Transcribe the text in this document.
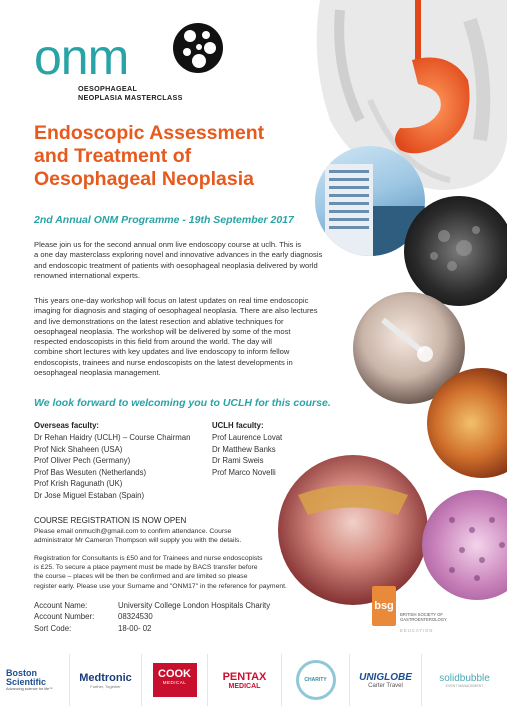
onm
OESOPHAGEAL
NEOPLASIA MASTERCLASS
Endoscopic Assessment
and Treatment of
Oesophageal Neoplasia
2nd Annual ONM Programme - 19th September 2017
Please join us for the second annual onm live endoscopy course at uclh. This is
a one day masterclass exploring novel and innovative advances in the early diagnosis
and endoscopic treatment of patients with oesophageal neoplasia delivered by world
renowned international experts.
This years one-day workshop will focus on latest updates on real time endoscopic
imaging for diagnosis and staging of oesophageal neoplasia. There are also lectures
and live demonstrations on the latest resection and ablative techniques for
oesophageal neoplasia. The workshop will be delivered by some of the most
respected endoscopists in this field from around the world. The day will
combine short lectures with key updates and live endoscopy to inform fellow
endoscopists, trainees and nurse endoscopists on the latest developments in
oesophageal neoplasia management.
We look forward to welcoming you to UCLH for this course.
Overseas faculty:
Dr Rehan Haidry (UCLH) – Course Chairman
Prof Nick Shaheen (USA)
Prof Oliver Pech (Germany)
Prof Bas Wesuten (Netherlands)
Prof Krish Ragunath (UK)
Dr Jose Miguel Estaban (Spain)
UCLH faculty:
Prof Laurence Lovat
Dr Matthew Banks
Dr Rami Sweis
Prof Marco Novelli
COURSE REGISTRATION IS NOW OPEN
Please email onmuclh@gmail.com to confirm attendance. Course
administrator Mr Cameron Thompson will supply you with the details.
Registration for Consultants is £50 and for Trainees and nurse endoscopists
is £25. To secure a place payment must be made by BACS transfer before
the course – places will be then be confirmed and are limited so please
register early. Please use your Surname and "ONM17" in the reference for payment.
Account Name:	University College London Hospitals Charity
Account Number:	08324530
Sort Code:	18-00- 02
bsg
BRITISH SOCIETY OF
GASTROENTEROLOGY
EDUCATION
Boston
Scientific
Advancing science for life™
Medtronic
Further, Together
COOK
MEDICAL	PENTAX
MEDICAL
CHARITY	UNIGLOBE
Carter Travel
solidbubble
EVENT MANAGEMENT
